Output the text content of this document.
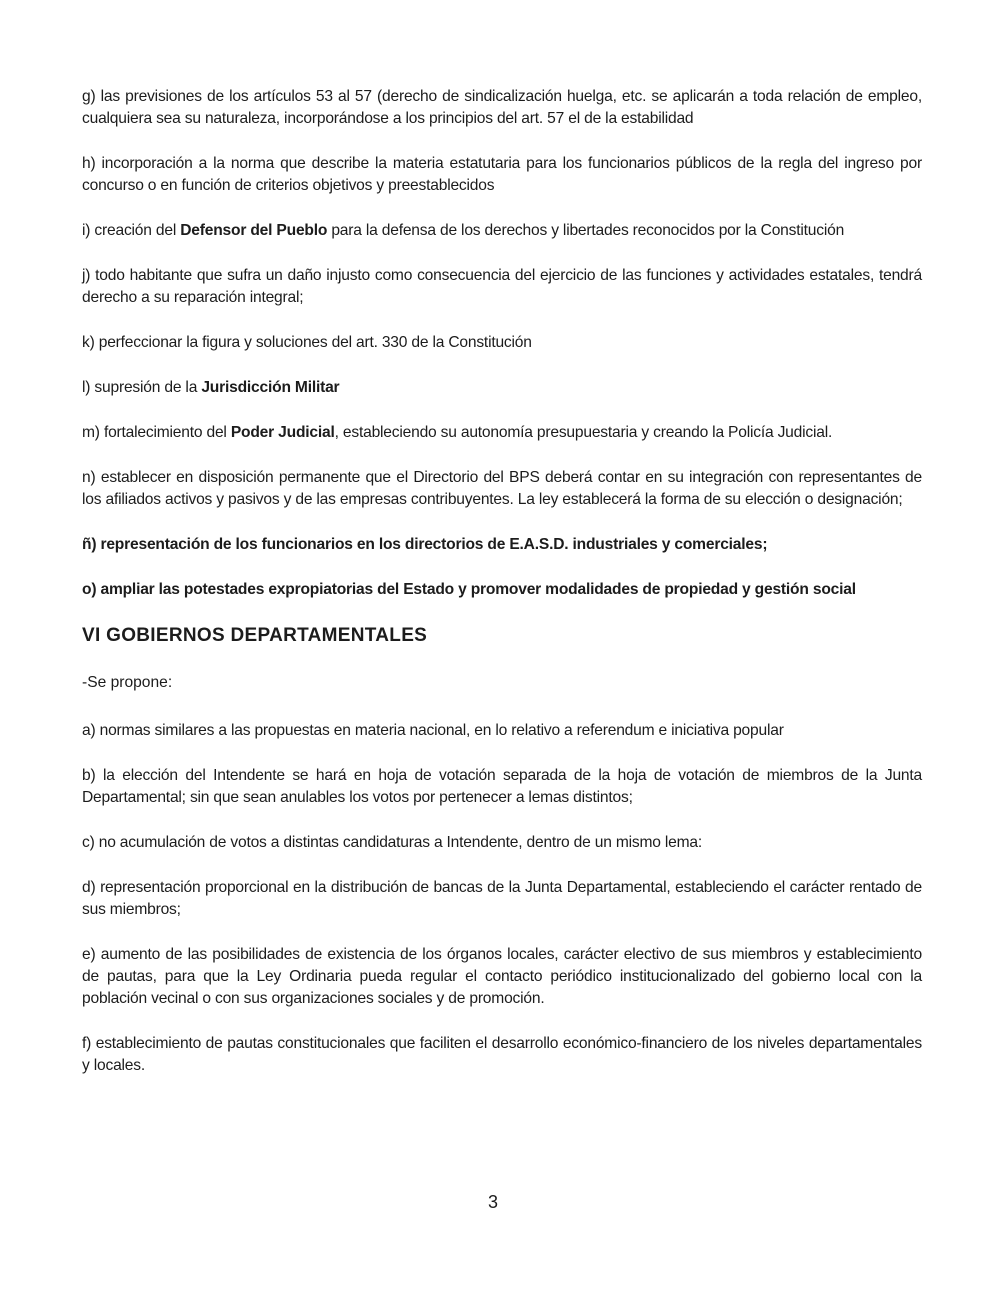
g) las previsiones de los artículos 53 al 57 (derecho de sindicalización huelga, etc. se aplicarán a toda relación de empleo, cualquiera sea su naturaleza, incorporándose a los principios del art. 57 el de la estabilidad

h) incorporación a la norma que describe la materia estatutaria para los funcionarios públicos de la regla del ingreso por concurso o en función de criterios objetivos y preestablecidos

i) creación del Defensor del Pueblo para la defensa de los derechos y libertades reconocidos por la Constitución

j) todo habitante que sufra un daño injusto como consecuencia del ejercicio de las funciones y actividades estatales, tendrá derecho a su reparación integral;

k) perfeccionar la figura y soluciones del art. 330 de la Constitución

l) supresión de la Jurisdicción Militar

m) fortalecimiento del Poder Judicial, estableciendo su autonomía presupuestaria y creando la Policía Judicial.

n) establecer en disposición permanente que el Directorio del BPS deberá contar en su integración con representantes de los afiliados activos y pasivos y de las empresas contribuyentes. La ley establecerá la forma de su elección o designación;

ñ) representación de los funcionarios en los directorios de E.A.S.D. industriales y comerciales;

o) ampliar las potestades expropiatorias del Estado y promover modalidades de propiedad y gestión social

VI GOBIERNOS DEPARTAMENTALES
-Se propone:

a) normas similares a las propuestas en materia nacional, en lo relativo a referendum e iniciativa popular

b) la elección del Intendente se hará en hoja de votación separada de la hoja de votación de miembros de la Junta Departamental; sin que sean anulables los votos por pertenecer a lemas distintos;

c) no acumulación de votos a distintas candidaturas a Intendente, dentro de un mismo lema:

d) representación proporcional en la distribución de bancas de la Junta Departamental, estableciendo el carácter rentado de sus miembros;

e) aumento de las posibilidades de existencia de los órganos locales, carácter electivo de sus miembros y establecimiento de pautas, para que la Ley Ordinaria pueda regular el contacto periódico institucionalizado del gobierno local con la población vecinal o con sus organizaciones sociales y de promoción.

f) establecimiento de pautas constitucionales que faciliten el desarrollo económico-financiero de los niveles departamentales y locales.

3
